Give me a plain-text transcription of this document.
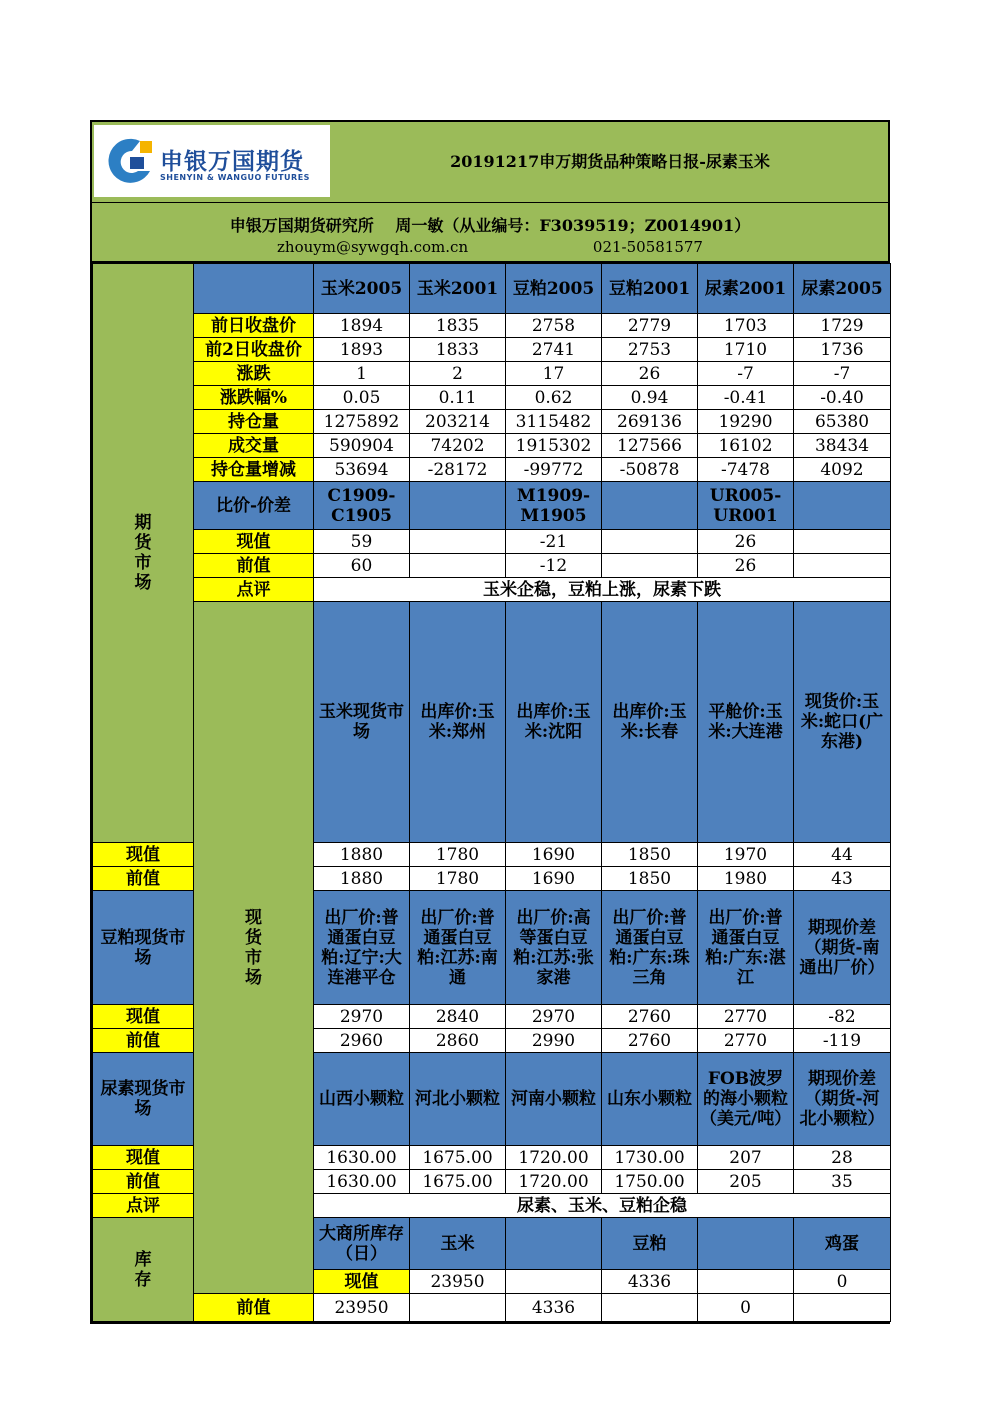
申银万国期货
SHENYIN & WANGUO FUTURES
20191217申万期货品种策略日报-尿素玉米
申银万国期货研究所　 周一敏（从业编号：F3039519；Z0014901）
zhouym@sywgqh.com.cn	021-50581577
期货市场		玉米2005	玉米2001	豆粕2005	豆粕2001	尿素2001	尿素2005	
	前日收盘价	1894	1835	2758	2779	1703	1729	
	前2日收盘价	1893	1833	2741	2753	1710	1736	
	涨跌	1	2	17	26	-7	-7	
	涨跌幅%	0.05	0.11	0.62	0.94	-0.41	-0.40	
	持仓量	1275892	203214	3115482	269136	19290	65380	
	成交量	590904	74202	1915302	127566	16102	38434	
	持仓量增减	53694	-28172	-99772	-50878	-7478	4092	
	比价-价差	C1909-C1905		M1909-M1905		UR005-UR001		
	现值	59		-21		26		
	前值	60		-12		26		
	点评	玉米企稳，豆粕上涨，尿素下跌						
	现货市场	玉米现货市场	出库价:玉米:郑州	出库价:玉米:沈阳	出库价:玉米:长春	平舱价:玉米:大连港	现货价:玉米:蛇口(广东港)	
现值		1880	1780	1690	1850	1970	44	
前值		1880	1780	1690	1850	1980	43	
豆粕现货市场		出厂价:普通蛋白豆粕:辽宁:大连港平仓	出厂价:普通蛋白豆粕:江苏:南通	出厂价:高等蛋白豆粕:江苏:张家港	出厂价:普通蛋白豆粕:广东:珠三角	出厂价:普通蛋白豆粕:广东:湛江	期现价差（期货-南通出厂价）	
现值		2970	2840	2970	2760	2770	-82	
前值		2960	2860	2990	2760	2770	-119	
尿素现货市场		山西小颗粒	河北小颗粒	河南小颗粒	山东小颗粒	FOB波罗的海小颗粒（美元/吨）	期现价差（期货-河北小颗粒）	
现值		1630.00	1675.00	1720.00	1730.00	207	28	
前值		1630.00	1675.00	1720.00	1750.00	205	35	
点评		尿素、玉米、豆粕企稳						
库存		大商所库存（日）	玉米		豆粕		鸡蛋	
		现值	23950		4336		0	
	前值	23950		4336		0		
